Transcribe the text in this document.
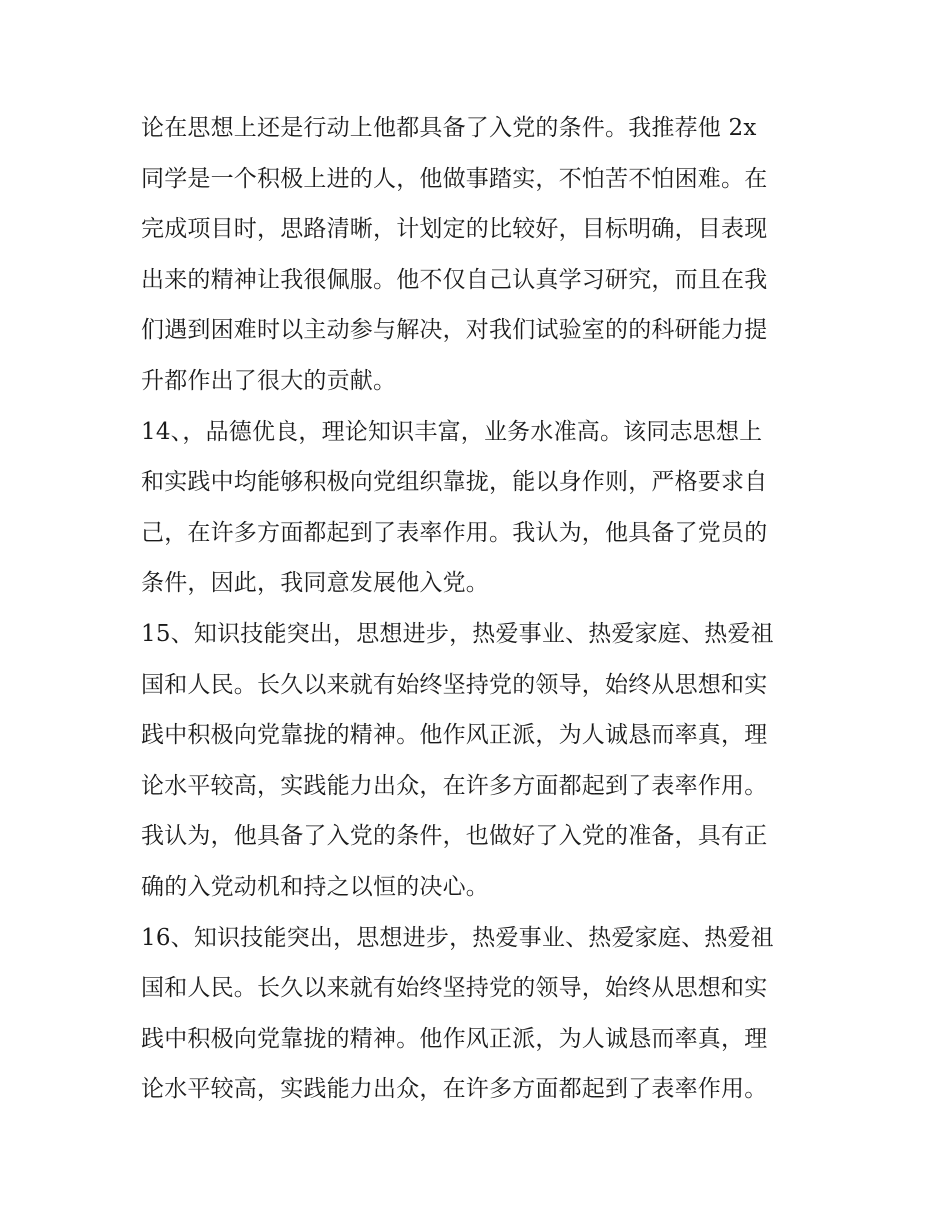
论在思想上还是行动上他都具备了入党的条件。我推荐他 2x
同学是一个积极上进的人，他做事踏实，不怕苦不怕困难。在
完成项目时，思路清晰，计划定的比较好，目标明确，目表现
出来的精神让我很佩服。他不仅自己认真学习研究，而且在我
们遇到困难时以主动参与解决，对我们试验室的的科研能力提
升都作出了很大的贡献。
14、，品德优良，理论知识丰富，业务水准高。该同志思想上
和实践中均能够积极向党组织靠拢，能以身作则，严格要求自
己，在许多方面都起到了表率作用。我认为，他具备了党员的
条件，因此，我同意发展他入党。
15、知识技能突出，思想进步，热爱事业、热爱家庭、热爱祖
国和人民。长久以来就有始终坚持党的领导，始终从思想和实
践中积极向党靠拢的精神。他作风正派，为人诚恳而率真，理
论水平较高，实践能力出众，在许多方面都起到了表率作用。
我认为，他具备了入党的条件，也做好了入党的准备，具有正
确的入党动机和持之以恒的决心。
16、知识技能突出，思想进步，热爱事业、热爱家庭、热爱祖
国和人民。长久以来就有始终坚持党的领导，始终从思想和实
践中积极向党靠拢的精神。他作风正派，为人诚恳而率真，理
论水平较高，实践能力出众，在许多方面都起到了表率作用。
